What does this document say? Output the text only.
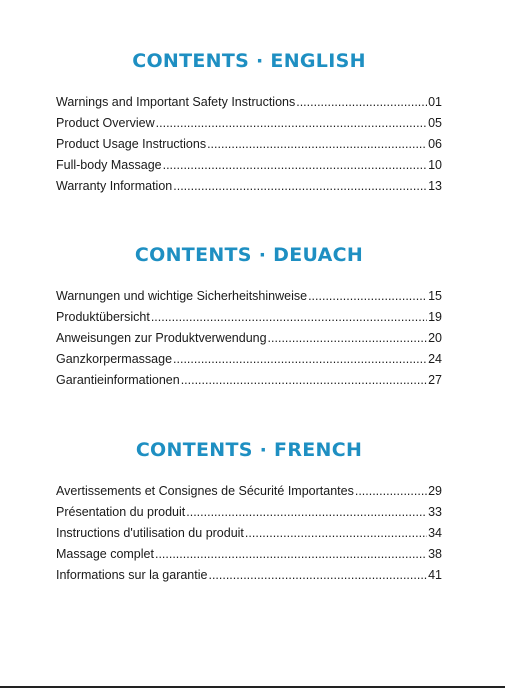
CONTENTS · ENGLISH
Warnings and Important Safety Instructions .....	01
Product Overview .....	05
Product Usage Instructions .....	06
Full-body Massage .....	10
Warranty Information .....	13
CONTENTS · DEUACH
Warnungen und wichtige Sicherheitshinweise .....	15
Produktübersicht .....	19
Anweisungen zur Produktverwendung .....	20
Ganzkorpermassage .....	24
Garantieinformationen .....	27
CONTENTS · FRENCH
Avertissements et Consignes de Sécurité Importantes .....	29
Présentation du produit .....	33
Instructions d'utilisation du produit .....	34
Massage complet .....	38
Informations sur la garantie .....	41
